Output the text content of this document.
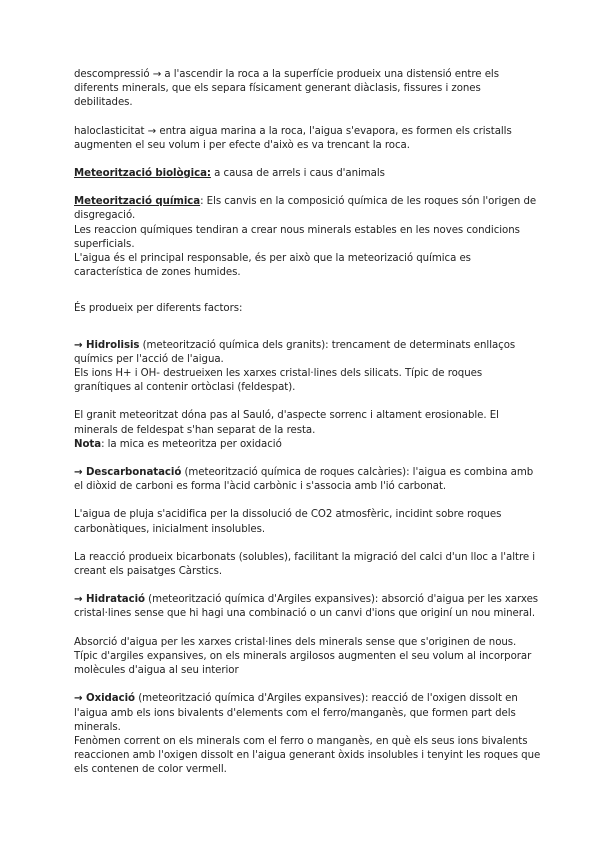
descompressió → a l'ascendir la roca a la superfície produeix una distensió entre els diferents minerals, que els separa físicament generant diàclasis, fissures i zones debilitades.

haloclasticitat → entra aigua marina a la roca, l'aigua s'evapora, es formen els cristalls augmenten el seu volum i per efecte d'això es va trencant la roca.

Meteorització biològica: a causa de arrels i caus d'animals

Meteorització química: Els canvis en la composició química de les roques són l'origen de disgregació.

Les reaccion químiques tendiran a crear nous minerals estables en les noves condicions superficials.

L'aigua és el principal responsable, és per això que la meteorizació química es característica de zones humides.

És produeix per diferents factors:

→ Hidrolisis (meteorització química dels granits): trencament de determinats enllaços químics per l'acció de l'aigua.

Els ions H+ i OH- destrueixen les xarxes cristal·lines dels silicats. Típic de roques granítiques al contenir ortòclasi (feldespat).

El granit meteoritzat dóna pas al Sauló, d'aspecte sorrenc i altament erosionable. El minerals de feldespat s'han separat de la resta.

Nota: la mica es meteoritza per oxidació

→ Descarbonatació (meteorització química de roques calcàries): l'aigua es combina amb el diòxid de carboni es forma l'àcid carbònic i s'associa amb l'ió carbonat.

L'aigua de pluja s'acidifica per la dissolució de CO2 atmosfèric, incidint sobre roques carbonàtiques, inicialment insolubles.

La reacció produeix bicarbonats (solubles), facilitant la migració del calci d'un lloc a l'altre i creant els paisatges Càrstics.

→ Hidratació (meteorització química d'Argiles expansives): absorció d'aigua per les xarxes cristal·lines sense que hi hagi una combinació o un canvi d'ions que originí un nou mineral.

Absorció d'aigua per les xarxes cristal·lines dels minerals sense que s'originen de nous.

Típic d'argiles expansives, on els minerals argilosos augmenten el seu volum al incorporar molècules d'aigua al seu interior

→ Oxidació (meteorització química d'Argiles expansives): reacció de l'oxigen dissolt en l'aigua amb els ions bivalents d'elements com el ferro/manganès, que formen part dels minerals.

Fenòmen corrent on els minerals com el ferro o manganès, en què els seus ions bivalents reaccionen amb l'oxigen dissolt en l'aigua generant òxids insolubles i tenyint les roques que els contenen de color vermell.
